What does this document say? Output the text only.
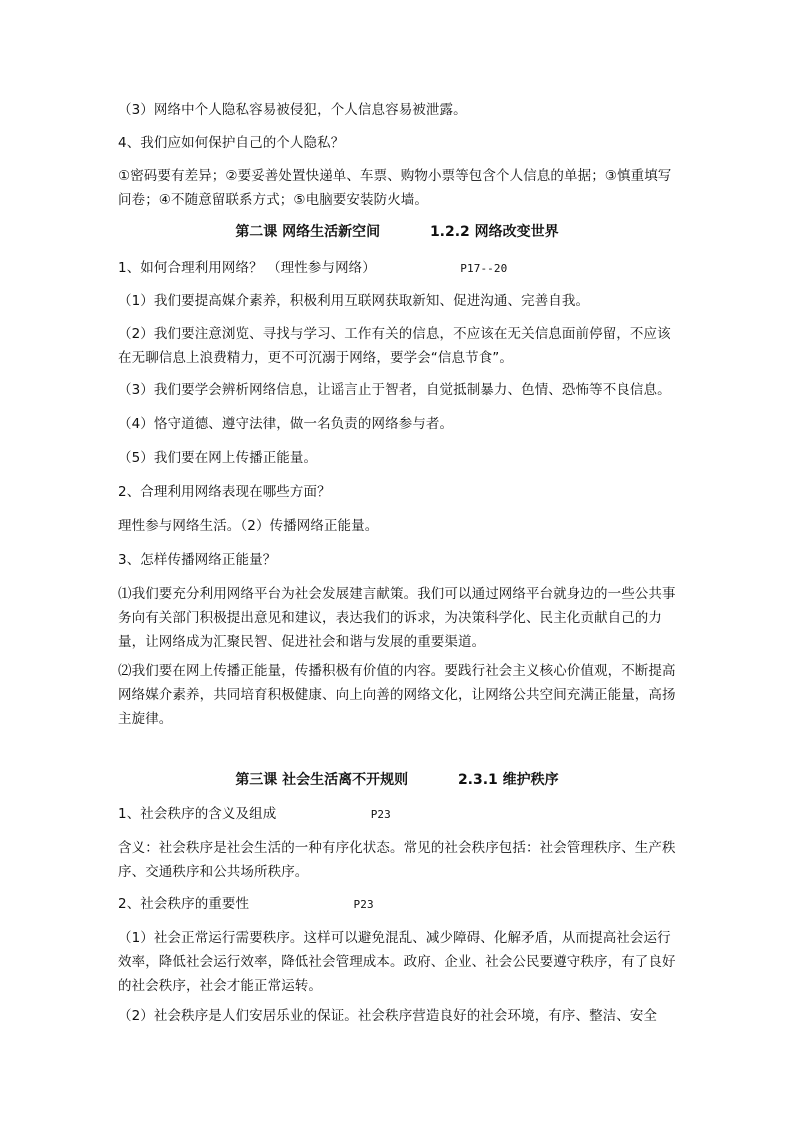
（3）网络中个人隐私容易被侵犯，个人信息容易被泄露。

4、我们应如何保护自己的个人隐私？

①密码要有差异；②要妥善处置快递单、车票、购物小票等包含个人信息的单据；③慎重填写问卷；④不随意留联系方式；⑤电脑要安装防火墙。

第二课 网络生活新空间	1.2.2 网络改变世界

1、如何合理利用网络？ （理性参与网络）	P17--20

（1）我们要提高媒介素养，积极利用互联网获取新知、促进沟通、完善自我。

（2）我们要注意浏览、寻找与学习、工作有关的信息，不应该在无关信息面前停留，不应该在无聊信息上浪费精力，更不可沉溺于网络，要学会“信息节食”。

（3）我们要学会辨析网络信息，让谣言止于智者，自觉抵制暴力、色情、恐怖等不良信息。

（4）恪守道德、遵守法律，做一名负责的网络参与者。

（5）我们要在网上传播正能量。

2、合理利用网络表现在哪些方面？

理性参与网络生活。（2）传播网络正能量。

3、怎样传播网络正能量？

⑴我们要充分利用网络平台为社会发展建言献策。我们可以通过网络平台就身边的一些公共事务向有关部门积极提出意见和建议，表达我们的诉求，为决策科学化、民主化贡献自己的力量，让网络成为汇聚民智、促进社会和谐与发展的重要渠道。

⑵我们要在网上传播正能量，传播积极有价值的内容。要践行社会主义核心价值观，不断提高网络媒介素养，共同培育积极健康、向上向善的网络文化，让网络公共空间充满正能量，高扬主旋律。

第三课 社会生活离不开规则	2.3.1 维护秩序

1、社会秩序的含义及组成	P23

含义：社会秩序是社会生活的一种有序化状态。常见的社会秩序包括：社会管理秩序、生产秩序、交通秩序和公共场所秩序。

2、社会秩序的重要性	P23

（1）社会正常运行需要秩序。这样可以避免混乱、减少障碍、化解矛盾，从而提高社会运行效率，降低社会运行效率，降低社会管理成本。政府、企业、社会公民要遵守秩序，有了良好的社会秩序，社会才能正常运转。

（2）社会秩序是人们安居乐业的保证。社会秩序营造良好的社会环境，有序、整洁、安全
